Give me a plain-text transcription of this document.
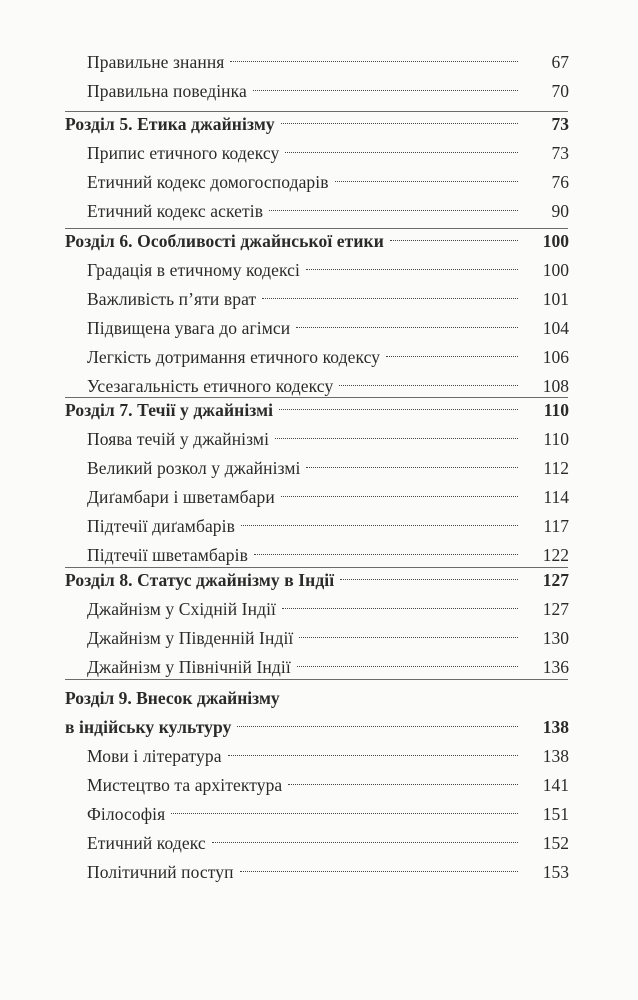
Правильне знання	67
Правильна поведінка	70
Розділ 5. Етика джайнізму	73
Припис етичного кодексу	73
Етичний кодекс домогосподарів	76
Етичний кодекс аскетів	90
Розділ 6. Особливості джайнської етики	100
Градація в етичному кодексі	100
Важливість п’яти врат	101
Підвищена увага до агімси	104
Легкість дотримання етичного кодексу	106
Усезагальність етичного кодексу	108
Розділ 7. Течії у джайнізмі	110
Поява течій у джайнізмі	110
Великий розкол у джайнізмі	112
Диґамбари і шветамбари	114
Підтечії диґамбарів	117
Підтечії шветамбарів	122
Розділ 8. Статус джайнізму в Індії	127
Джайнізм у Східній Індії	127
Джайнізм у Південній Індії	130
Джайнізм у Північній Індії	136
Розділ 9. Внесок джайнізму
в індійську культуру	138
Мови і література	138
Мистецтво та архітектура	141
Філософія	151
Етичний кодекс	152
Політичний поступ	153
